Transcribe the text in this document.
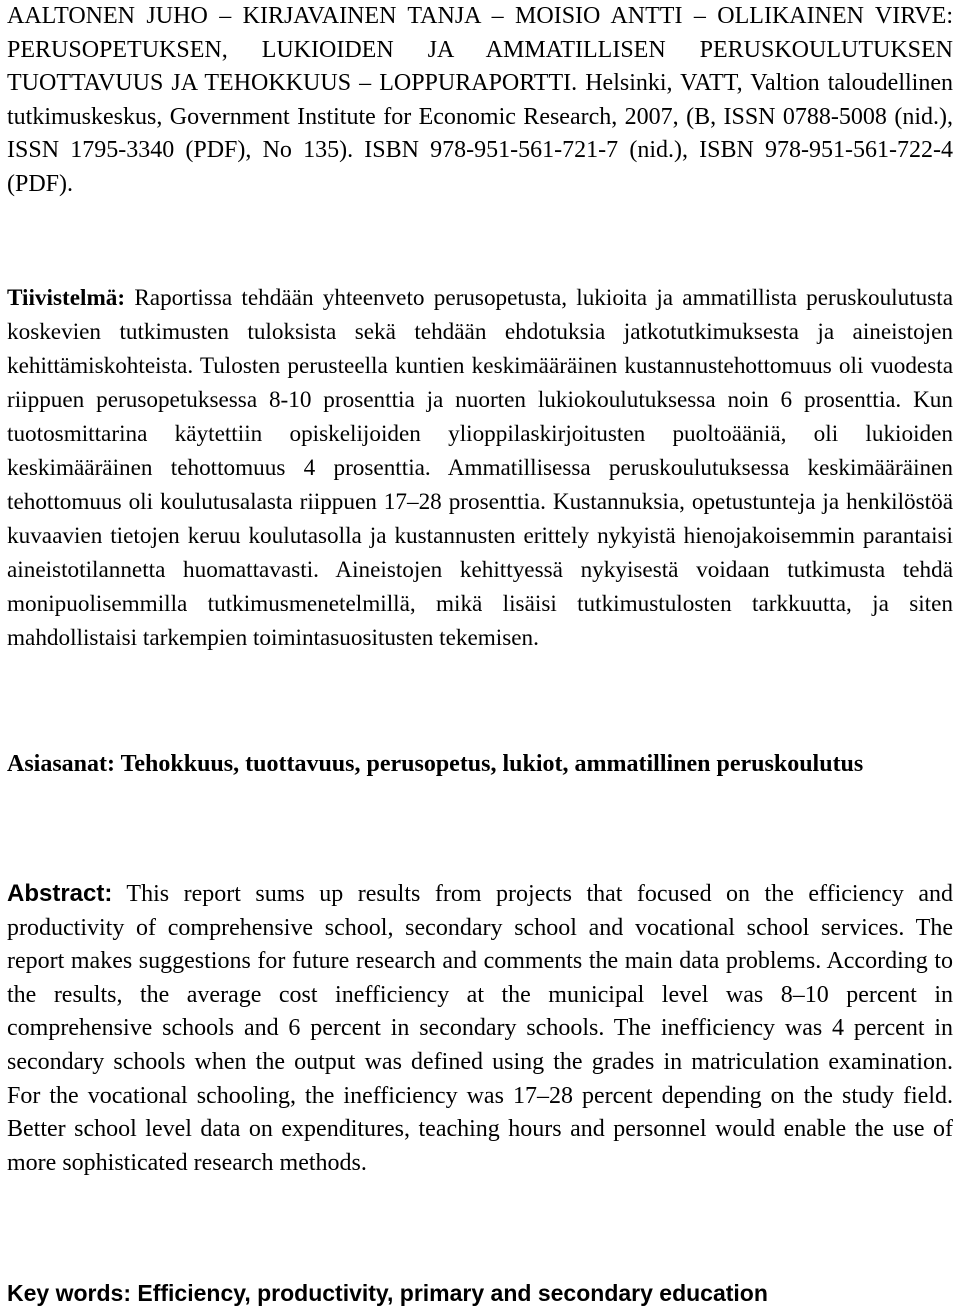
AALTONEN JUHO – KIRJAVAINEN TANJA – MOISIO ANTTI – OLLIKAINEN VIRVE: PERUSOPETUKSEN, LUKIOIDEN JA AMMATILLISEN PERUSKOULUTUKSEN TUOTTAVUUS JA TEHOKKUUS – LOPPURAPORTTI. Helsinki, VATT, Valtion taloudellinen tutkimuskeskus, Government Institute for Economic Research, 2007, (B, ISSN 0788-5008 (nid.), ISSN 1795-3340 (PDF), No 135). ISBN 978-951-561-721-7 (nid.), ISBN 978-951-561-722-4 (PDF).

Tiivistelmä: Raportissa tehdään yhteenveto perusopetusta, lukioita ja ammatillista peruskoulutusta koskevien tutkimusten tuloksista sekä tehdään ehdotuksia jatkotutkimuksesta ja aineistojen kehittämiskohteista. Tulosten perusteella kuntien keskimääräinen kustannustehottomuus oli vuodesta riippuen perusopetuksessa 8-10 prosenttia ja nuorten lukiokoulutuksessa noin 6 prosenttia. Kun tuotosmittarina käytettiin opiskelijoiden ylioppilaskirjoitusten puoltoääniä, oli lukioiden keskimääräinen tehottomuus 4 prosenttia. Ammatillisessa peruskoulutuksessa keskimääräinen tehottomuus oli koulutusalasta riippuen 17–28 prosenttia. Kustannuksia, opetustunteja ja henkilöstöä kuvaavien tietojen keruu koulutasolla ja kustannusten erittely nykyistä hienojakoisemmin parantaisi aineistotilannetta huomattavasti. Aineistojen kehittyessä nykyisestä voidaan tutkimusta tehdä monipuolisemmilla tutkimusmenetelmillä, mikä lisäisi tutkimustulosten tarkkuutta, ja siten mahdollistaisi tarkempien toimintasuositusten tekemisen.

Asiasanat: Tehokkuus, tuottavuus, perusopetus, lukiot, ammatillinen peruskoulutus

Abstract: This report sums up results from projects that focused on the efficiency and productivity of comprehensive school, secondary school and vocational school services. The report makes suggestions for future research and comments the main data problems. According to the results, the average cost inefficiency at the municipal level was 8–10 percent in comprehensive schools and 6 percent in secondary schools. The inefficiency was 4 percent in secondary schools when the output was defined using the grades in matriculation examination. For the vocational schooling, the inefficiency was 17–28 percent depending on the study field. Better school level data on expenditures, teaching hours and personnel would enable the use of more sophisticated research methods.

Key words: Efficiency, productivity, primary and secondary education
